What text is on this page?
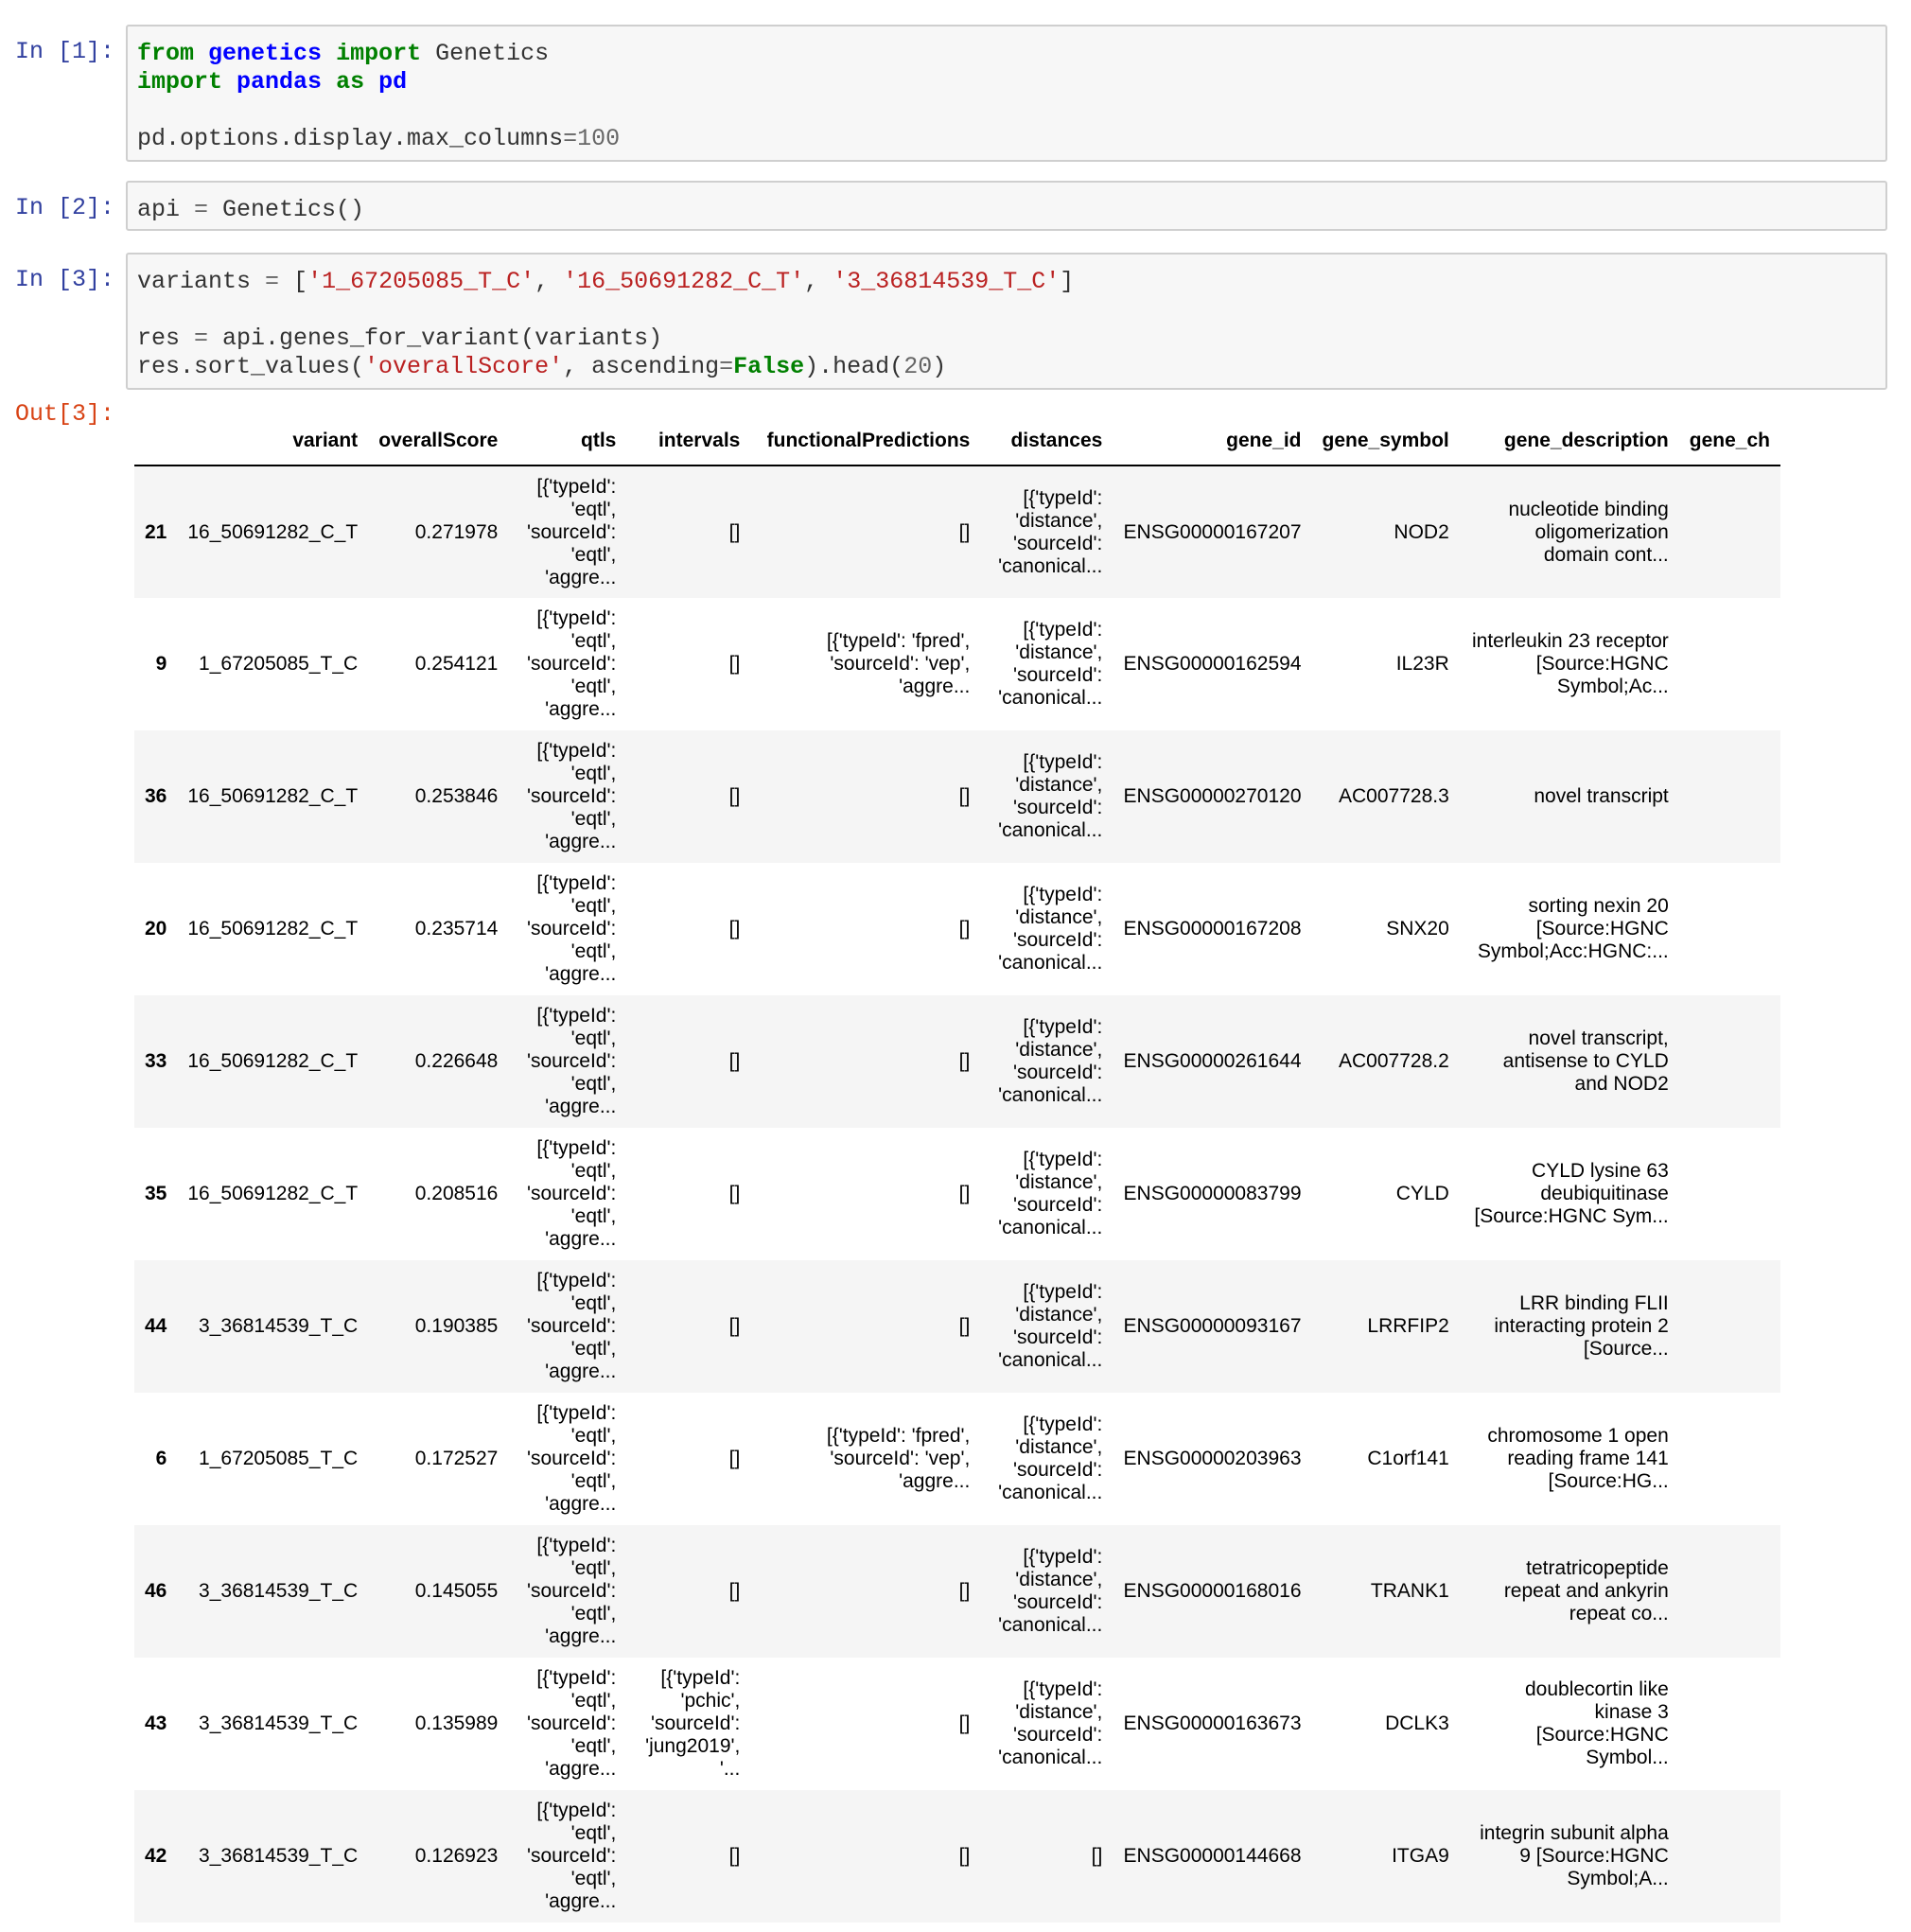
In [1]: from genetics import Genetics
import pandas as pd

pd.options.display.max_columns=100
In [2]: api = Genetics()
In [3]: variants = ['1_67205085_T_C', '16_50691282_C_T', '3_36814539_T_C']

res = api.genes_for_variant(variants)
res.sort_values('overallScore', ascending=False).head(20)
Out[3]:
	variant	overallScore	qtls	intervals	functionalPredictions	distances	gene_id	gene_symbol	gene_description	gene_ch
21	16_50691282_C_T	0.271978	[{'typeId': 'eqtl', 'sourceId': 'eqtl', 'aggre...	[]	[]	[{'typeId': 'distance', 'sourceId': 'canonical...	ENSG00000167207	NOD2	nucleotide binding oligomerization domain cont...	
9	1_67205085_T_C	0.254121	[{'typeId': 'eqtl', 'sourceId': 'eqtl', 'aggre...	[]	[{'typeId': 'fpred', 'sourceId': 'vep', 'aggre...	[{'typeId': 'distance', 'sourceId': 'canonical...	ENSG00000162594	IL23R	interleukin 23 receptor [Source:HGNC Symbol;Ac...	
36	16_50691282_C_T	0.253846	[{'typeId': 'eqtl', 'sourceId': 'eqtl', 'aggre...	[]	[]	[{'typeId': 'distance', 'sourceId': 'canonical...	ENSG00000270120	AC007728.3	novel transcript	
20	16_50691282_C_T	0.235714	[{'typeId': 'eqtl', 'sourceId': 'eqtl', 'aggre...	[]	[]	[{'typeId': 'distance', 'sourceId': 'canonical...	ENSG00000167208	SNX20	sorting nexin 20 [Source:HGNC Symbol;Acc:HGNC:...	
33	16_50691282_C_T	0.226648	[{'typeId': 'eqtl', 'sourceId': 'eqtl', 'aggre...	[]	[]	[{'typeId': 'distance', 'sourceId': 'canonical...	ENSG00000261644	AC007728.2	novel transcript, antisense to CYLD and NOD2	
35	16_50691282_C_T	0.208516	[{'typeId': 'eqtl', 'sourceId': 'eqtl', 'aggre...	[]	[]	[{'typeId': 'distance', 'sourceId': 'canonical...	ENSG00000083799	CYLD	CYLD lysine 63 deubiquitinase [Source:HGNC Sym...	
44	3_36814539_T_C	0.190385	[{'typeId': 'eqtl', 'sourceId': 'eqtl', 'aggre...	[]	[]	[{'typeId': 'distance', 'sourceId': 'canonical...	ENSG00000093167	LRRFIP2	LRR binding FLII interacting protein 2 [Source...	
6	1_67205085_T_C	0.172527	[{'typeId': 'eqtl', 'sourceId': 'eqtl', 'aggre...	[]	[{'typeId': 'fpred', 'sourceId': 'vep', 'aggre...	[{'typeId': 'distance', 'sourceId': 'canonical...	ENSG00000203963	C1orf141	chromosome 1 open reading frame 141 [Source:HG...	
46	3_36814539_T_C	0.145055	[{'typeId': 'eqtl', 'sourceId': 'eqtl', 'aggre...	[]	[]	[{'typeId': 'distance', 'sourceId': 'canonical...	ENSG00000168016	TRANK1	tetratricopeptide repeat and ankyrin repeat co...	
43	3_36814539_T_C	0.135989	[{'typeId': 'eqtl', 'sourceId': 'eqtl', 'aggre...	[{'typeId': 'pchic', 'sourceId': 'jung2019', '...	[]	[{'typeId': 'distance', 'sourceId': 'canonical...	ENSG00000163673	DCLK3	doublecortin like kinase 3 [Source:HGNC Symbol...	
42	3_36814539_T_C	0.126923	[{'typeId': 'eqtl', 'sourceId': 'eqtl', 'aggre...	[]	[]	[]	ENSG00000144668	ITGA9	integrin subunit alpha 9 [Source:HGNC Symbol;A...	
